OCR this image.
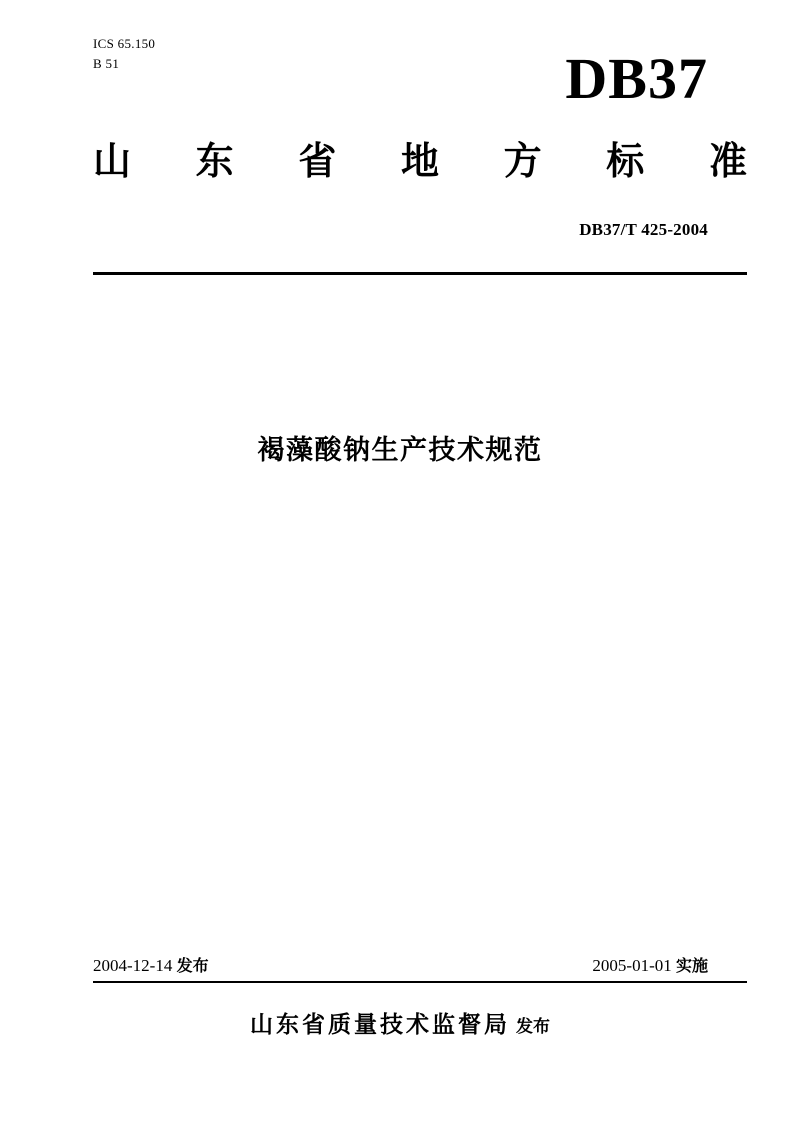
ICS 65.150
B 51	DB37
山 东 省 地 方 标 准
DB37/T 425-2004
褐藻酸钠生产技术规范
2004-12-14 发布	2005-01-01 实施
山东省质量技术监督局 发布
